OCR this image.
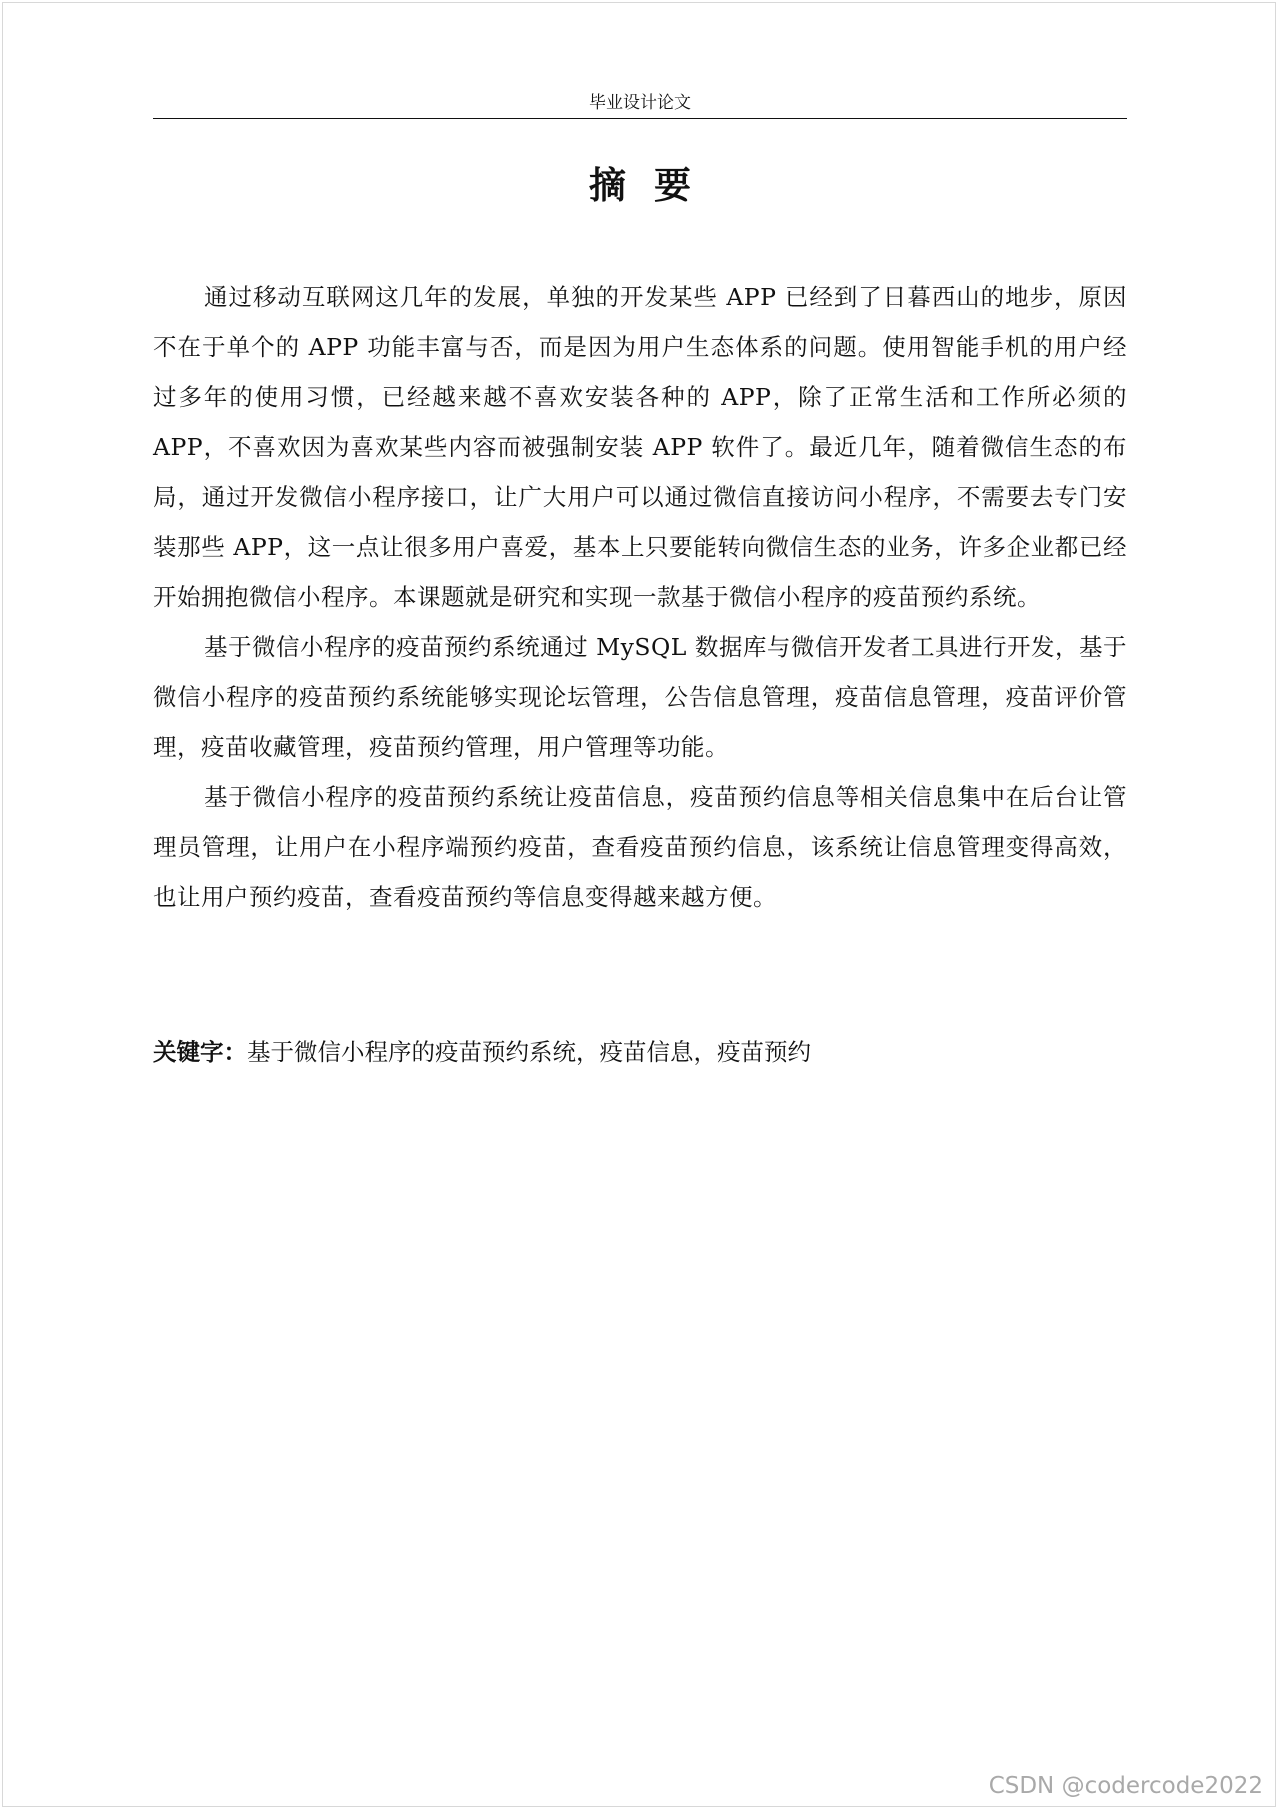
毕业设计论文
摘要

通过移动互联网这几年的发展，单独的开发某些 APP 已经到了日暮西山的地步，原因不在于单个的 APP 功能丰富与否，而是因为用户生态体系的问题。使用智能手机的用户经过多年的使用习惯，已经越来越不喜欢安装各种的 APP，除了正常生活和工作所必须的 APP，不喜欢因为喜欢某些内容而被强制安装 APP 软件了。最近几年，随着微信生态的布局，通过开发微信小程序接口，让广大用户可以通过微信直接访问小程序，不需要去专门安装那些 APP，这一点让很多用户喜爱，基本上只要能转向微信生态的业务，许多企业都已经开始拥抱微信小程序。本课题就是研究和实现一款基于微信小程序的疫苗预约系统。

基于微信小程序的疫苗预约系统通过 MySQL 数据库与微信开发者工具进行开发，基于微信小程序的疫苗预约系统能够实现论坛管理，公告信息管理，疫苗信息管理，疫苗评价管理，疫苗收藏管理，疫苗预约管理，用户管理等功能。

基于微信小程序的疫苗预约系统让疫苗信息，疫苗预约信息等相关信息集中在后台让管理员管理，让用户在小程序端预约疫苗，查看疫苗预约信息，该系统让信息管理变得高效，也让用户预约疫苗，查看疫苗预约等信息变得越来越方便。

关键字：基于微信小程序的疫苗预约系统，疫苗信息，疫苗预约
CSDN @codercode2022
